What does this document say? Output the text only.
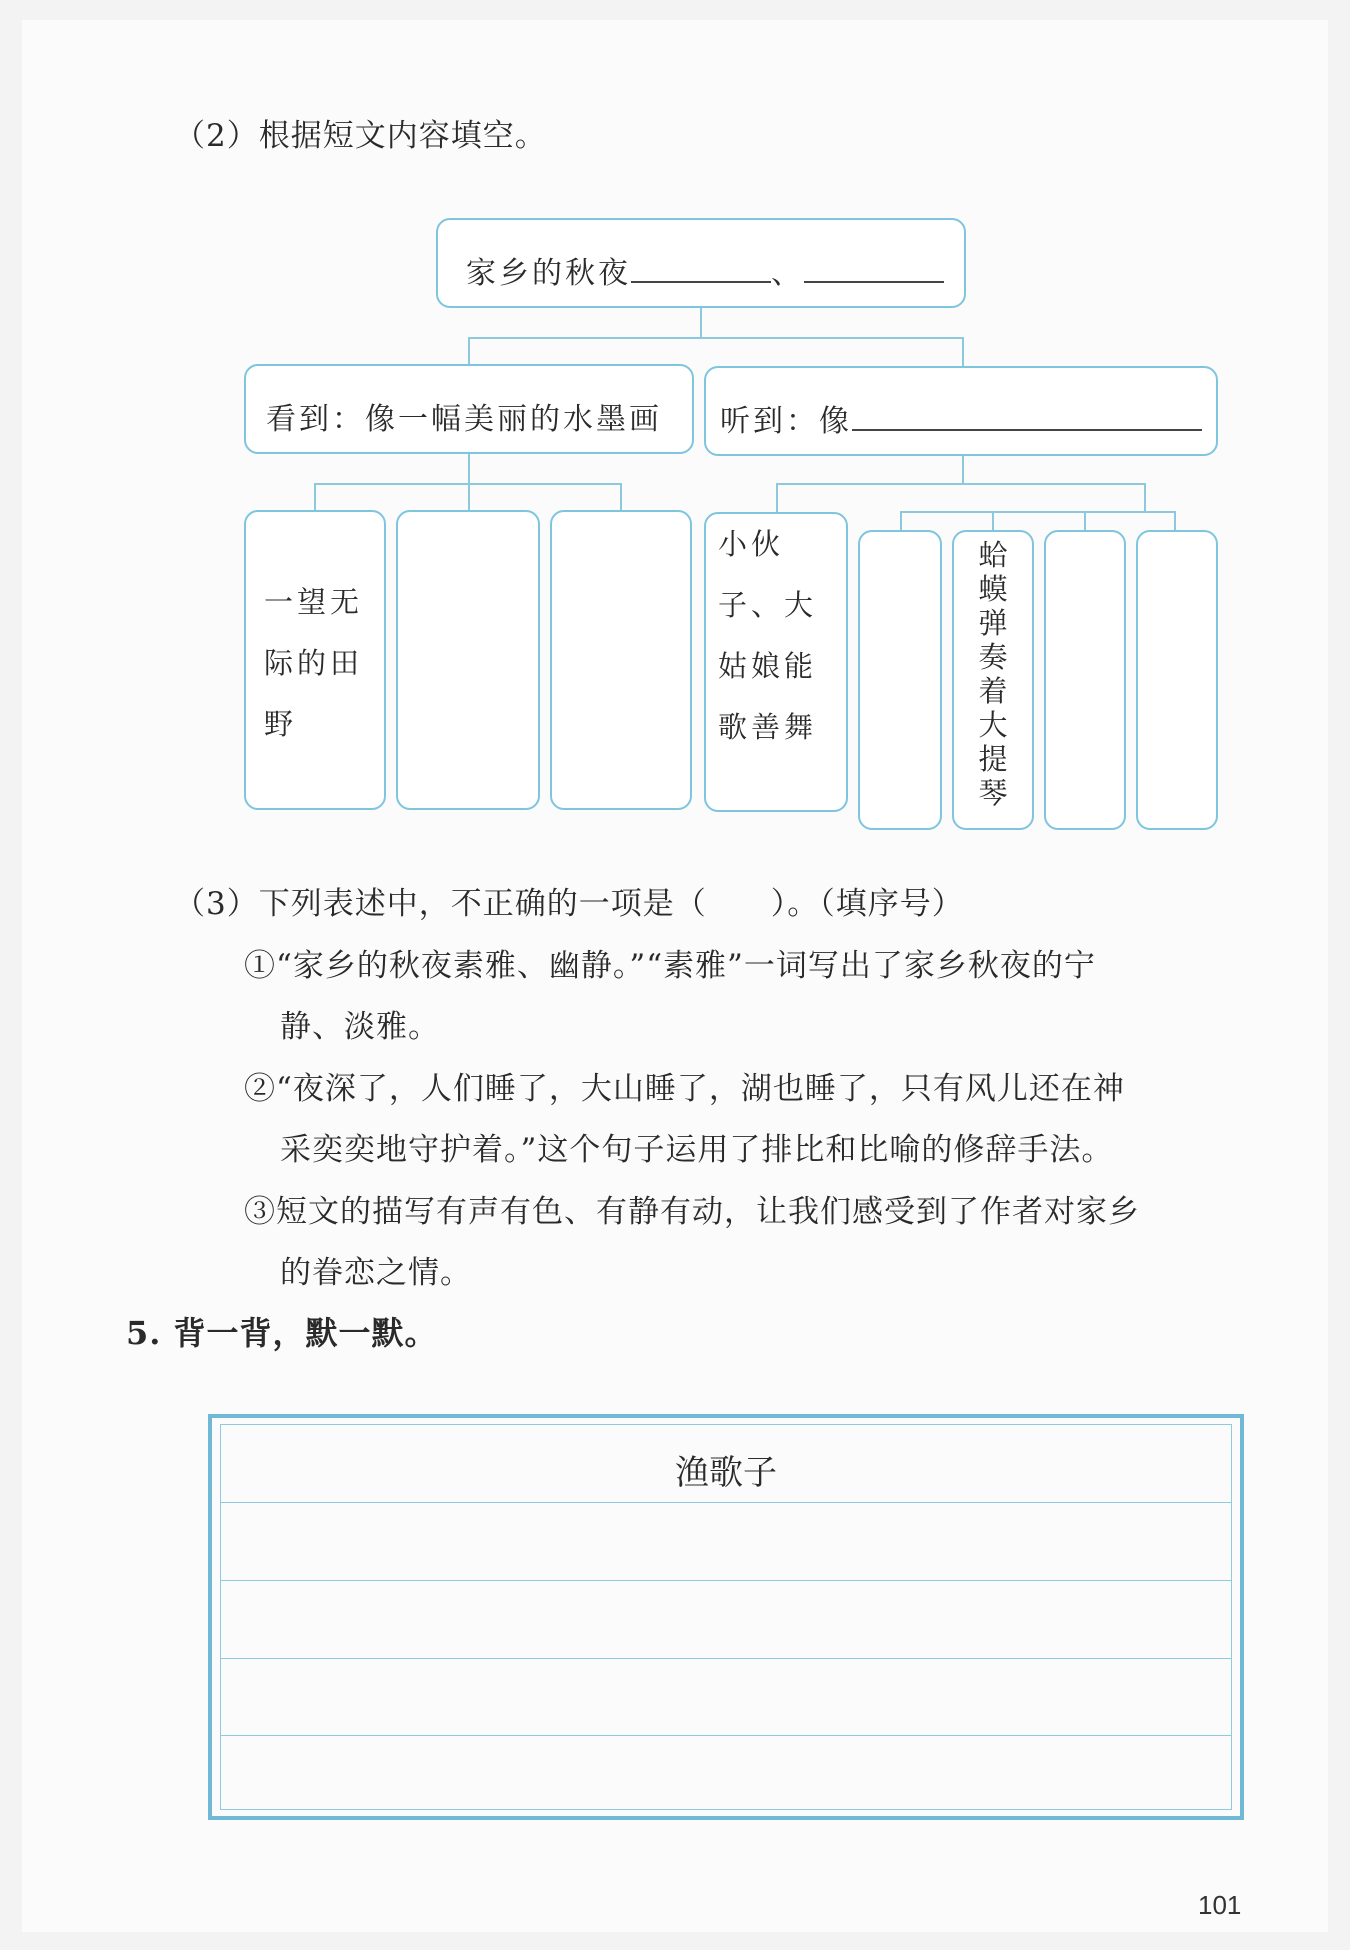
（2）根据短文内容填空。
家乡的秋夜	、
看到：像一幅美丽的水墨画 听到：像
一望无际的田野
小伙子、大姑娘能歌善舞
蛤蟆弹奏着大提琴
（3）下列表述中，不正确的一项是（　　）。（填序号）
①“家乡的秋夜素雅、幽静。”“素雅”一词写出了家乡秋夜的宁
静、淡雅。
②“夜深了，人们睡了，大山睡了，湖也睡了，只有风儿还在神
采奕奕地守护着。”这个句子运用了排比和比喻的修辞手法。
③短文的描写有声有色、有静有动，让我们感受到了作者对家乡
的眷恋之情。
5. 背一背，默一默。
渔歌子
101
